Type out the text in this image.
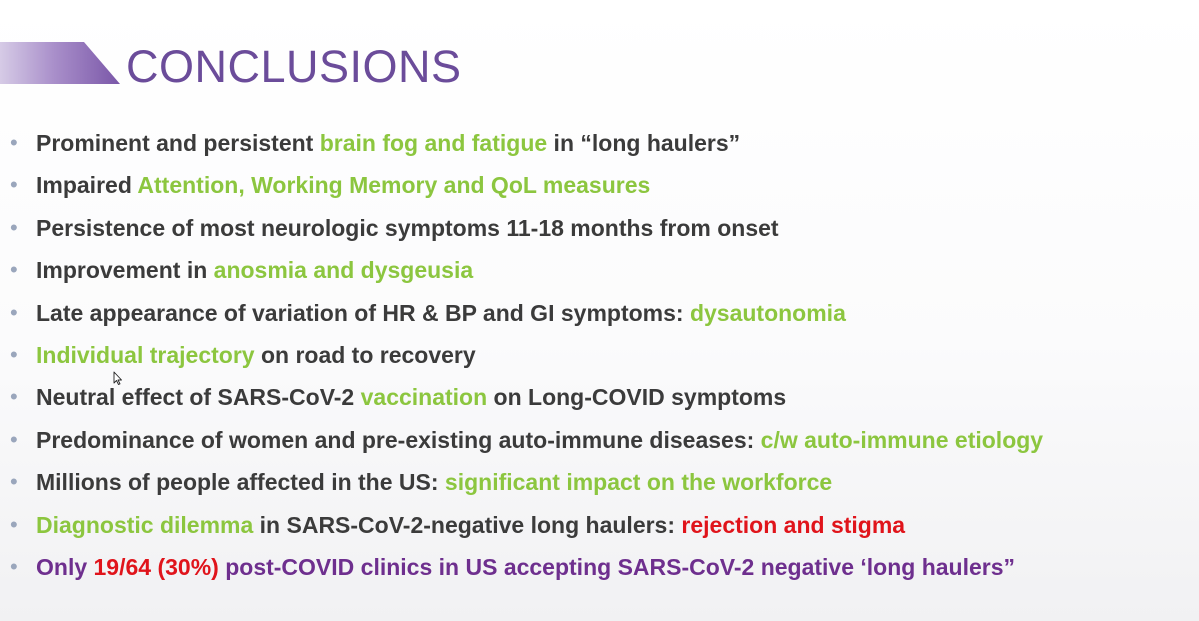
CONCLUSIONS
• Prominent and persistent brain fog and fatigue in “long haulers”
• Impaired Attention, Working Memory and QoL measures
• Persistence of most neurologic symptoms 11-18 months from onset
• Improvement in anosmia and dysgeusia
• Late appearance of variation of HR & BP and GI symptoms: dysautonomia
• Individual trajectory on road to recovery
• Neutral effect of SARS-CoV-2 vaccination on Long-COVID symptoms
• Predominance of women and pre-existing auto-immune diseases: c/w auto-immune etiology
• Millions of people affected in the US: significant impact on the workforce
• Diagnostic dilemma in SARS-CoV-2-negative long haulers: rejection and stigma
• Only 19/64 (30%) post-COVID clinics in US accepting SARS-CoV-2 negative ‘long haulers”
